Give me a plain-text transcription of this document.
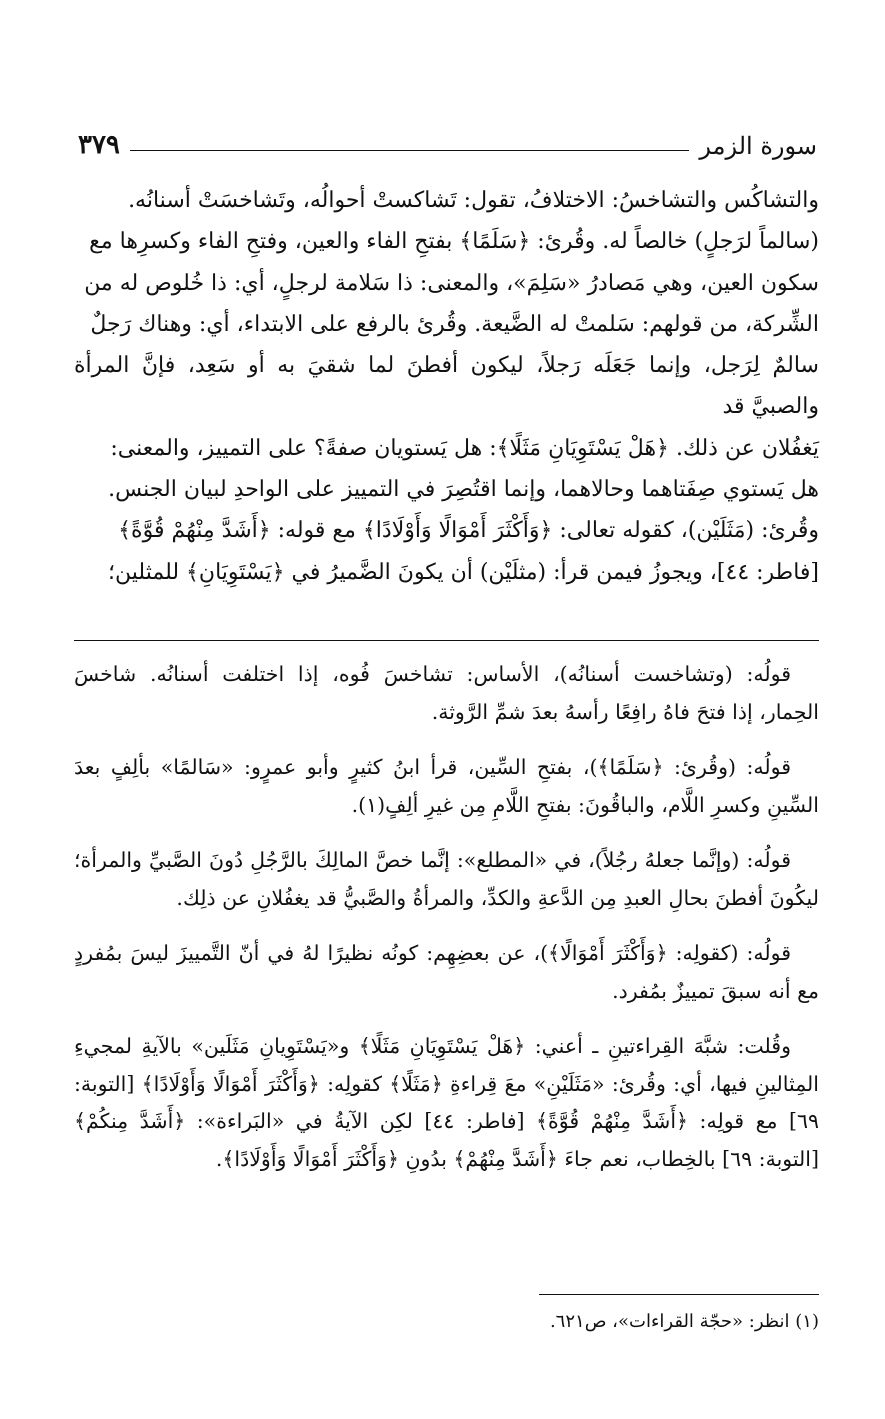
سورة الزمر
٣٧٩

والتشاكُس والتشاخسُ: الاختلافُ، تقول: تَشاكستْ أحوالُه، وتَشاخسَتْ أسنانُه.

(سالماً لرَجلٍ) خالصاً له. وقُرئ: ﴿سَلَمًا﴾ بفتحِ الفاء والعين، وفتحِ الفاء وكسرِها مع

سكون العين، وهي مَصادرُ «سَلِمَ»، والمعنى: ذا سَلامة لرجلٍ، أي: ذا خُلوص له من

الشِّركة، من قولهم: سَلمتْ له الضَّيعة. وقُرئ بالرفع على الابتداء، أي: وهناك رَجلٌ

سالمٌ لِرَجل، وإنما جَعَلَه رَجلاً، ليكون أفطنَ لما شقيَ به أو سَعِد، فإنَّ المرأة والصبيَّ قد

يَغفُلان عن ذلك. ﴿هَلْ يَسْتَوِيَانِ مَثَلًا﴾: هل يَستويان صفةً؟ على التمييز، والمعنى:

هل يَستوي صِفَتاهما وحالاهما، وإنما اقتُصِرَ في التمييز على الواحدِ لبيان الجنس.

وقُرئ: (مَثَلَيْن)، كقوله تعالى: ﴿وَأَكْثَرَ أَمْوَالًا وَأَوْلَادًا﴾ مع قوله: ﴿أَشَدَّ مِنْهُمْ قُوَّةً﴾

[فاطر: ٤٤]، ويجوزُ فيمن قرأ: (مثلَيْن) أن يكونَ الضَّميرُ في ﴿يَسْتَوِيَانِ﴾ للمثلين؛

قولُه: (وتشاخست أسنانُه)، الأساس: تشاخسَ فُوه، إذا اختلفت أسنانُه. شاخسَ الحِمار، إذا فتحَ فاهُ رافِعًا رأسهُ بعدَ شمِّ الرَّوثة.

قولُه: (وقُرئ: ﴿سَلَمًا﴾)، بفتحِ السِّين، قرأ ابنُ كثيرٍ وأبو عمرٍو: «سَالمًا» بألِفٍ بعدَ السِّينِ وكسرِ اللَّام، والباقُونَ: بفتحِ اللَّامِ مِن غيرِ ألِفٍ(١).

قولُه: (وإنَّما جعلهُ رجُلاً)، في «المطلع»: إنَّما خصَّ المالِكَ بالرَّجُلِ دُونَ الصَّبيِّ والمرأة؛ ليكُونَ أفطنَ بحالِ العبدِ مِن الدَّعةِ والكدِّ، والمرأةُ والصَّبيُّ قد يغفُلانِ عن ذلِك.

قولُه: (كقولِه: ﴿وَأَكْثَرَ أَمْوَالًا﴾)، عن بعضِهِم: كونُه نظيرًا لهُ في أنّ التَّمييزَ ليسَ بمُفردٍ مع أنه سبقَ تمييزٌ بمُفرد.

وقُلت: شبَّهَ القِراءتينِ ـ أعني: ﴿هَلْ يَسْتَوِيَانِ مَثَلًا﴾ و«يَسْتَوِيانِ مَثَلَين» بالآيةِ لمجيءِ المِثالينِ فيها، أي: وقُرئ: «مَثَلَيْنِ» معَ قِراءةِ ﴿مَثَلًا﴾ كقولِه: ﴿وَأَكْثَرَ أَمْوَالًا وَأَوْلَادًا﴾ [التوبة: ٦٩] مع قولِه: ﴿أَشَدَّ مِنْهُمْ قُوَّةً﴾ [فاطر: ٤٤] لكِن الآيةُ في «البَراءة»: ﴿أَشَدَّ مِنكُمْ﴾ [التوبة: ٦٩] بالخِطاب، نعم جاءَ ﴿أَشَدَّ مِنْهُمْ﴾ بدُونِ ﴿وَأَكْثَرَ أَمْوَالًا وَأَوْلَادًا﴾.

(١) انظر: «حجّة القراءات»، ص٦٢١.
